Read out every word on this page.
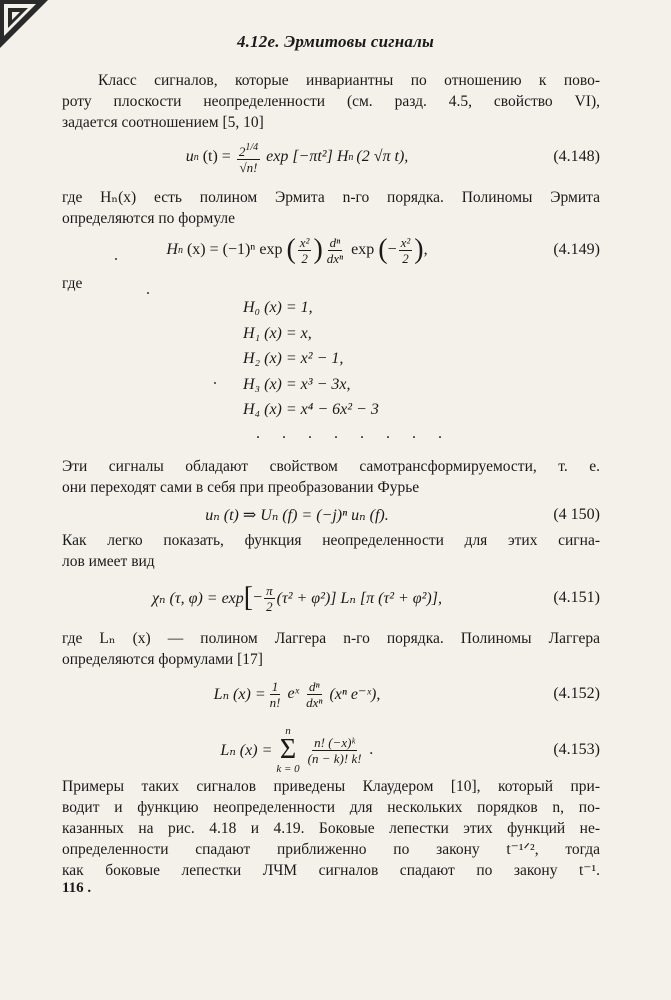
4.12е. Эрмитовы сигналы
Класс сигналов, которые инвариантны по отношению к пово-
роту плоскости неопределенности (см. разд. 4.5, свойство VI),
задается соотношением [5, 10]
u n $(t) = \frac{2^{1/4}}{√n!}$ exp [−πt²] H n (2 √π t),	(4.148)
где Hₙ(x) есть полином Эрмита n-го порядка. Полиномы Эрмита
определяются по формуле
H n (x) = (−1)ⁿ exp ( $\frac{\text{x²}}{2}$ ) $\frac{\text{dⁿ}}{\text{dxⁿ}}$ exp ( − $\frac{\text{x²}}{2}$ ) ,	(4.149)
где
H₀ (x) = 1,
H₁ (x) = x,
H₂ (x) = x² − 1,
H₃ (x) = x³ − 3x,
H₄ (x) = x⁴ − 6x² − 3
. . . . . . . .
Эти сигналы обладают свойством самотрансформируемости, т. е.
они переходят сами в себя при преобразовании Фурье
uₙ (t) ⇒ Uₙ (f) = (−j)ⁿ uₙ (f).	(4 150)
Как легко показать, функция неопределенности для этих сигна-
лов имеет вид
χₙ (τ, φ) = exp [ − $\frac{\pi}{2} (\tau^2 + \varphi^2)$] Lₙ [π (τ² + φ²)],	(4.151)
где Lₙ (x) — полином Лаггера n-го порядка. Полиномы Лаггера
определяются формулами [17]
Lₙ $(x) = \frac{1}{n!}$ eˣ $\frac{\text{dⁿ}}{\text{dxⁿ}} (x^n$ e⁻ˣ),	(4.152)
Lₙ (x) =
n
Σ
k = 0
$\frac{\text{n! (−x)ᵏ}}{(n - k)! k!}$ .	(4.153)
Примеры таких сигналов приведены Клаудером [10], который при-
водит и функцию неопределенности для нескольких порядков n, по-
казанных на рис. 4.18 и 4.19. Боковые лепестки этих функций не-
определенности спадают приближенно по закону t⁻¹ᐟ², тогда
как боковые лепестки ЛЧМ сигналов спадают по закону t⁻¹.
116 .
